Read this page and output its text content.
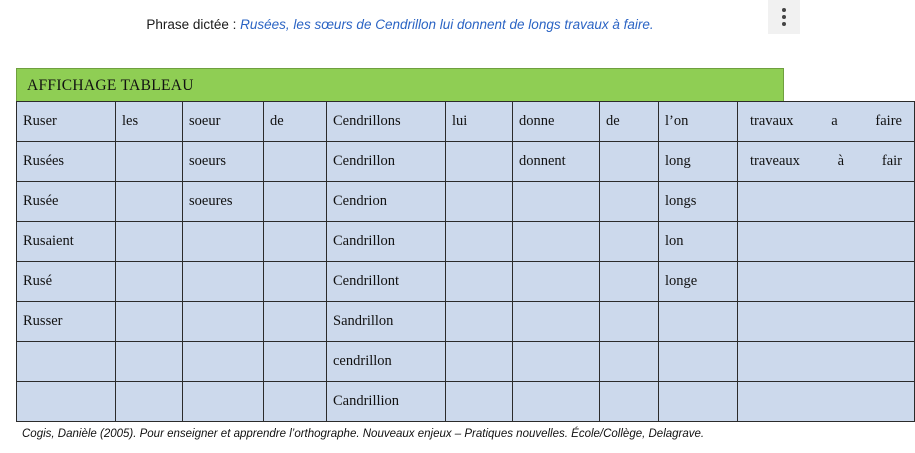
Phrase dictée : Rusées, les sœurs de Cendrillon lui donnent de longs travaux à faire.
AFFICHAGE TABLEAU
Ruser	les	soeur	de	Cendrillons	lui	donne	de	l’on	travaux a faire

Rusées		soeurs		Cendrillon		donnent		long	traveaux à fair

Rusée		soeures		Cendrion				longs	

Rusaient				Candrillon				lon	

Rusé				Cendrillont				longe	

Russer				Sandrillon					

				cendrillon					

				Candrillion					
Cogis, Danièle (2005). Pour enseigner et apprendre l’orthographe. Nouveaux enjeux – Pratiques nouvelles. École/Collège, Delagrave.
